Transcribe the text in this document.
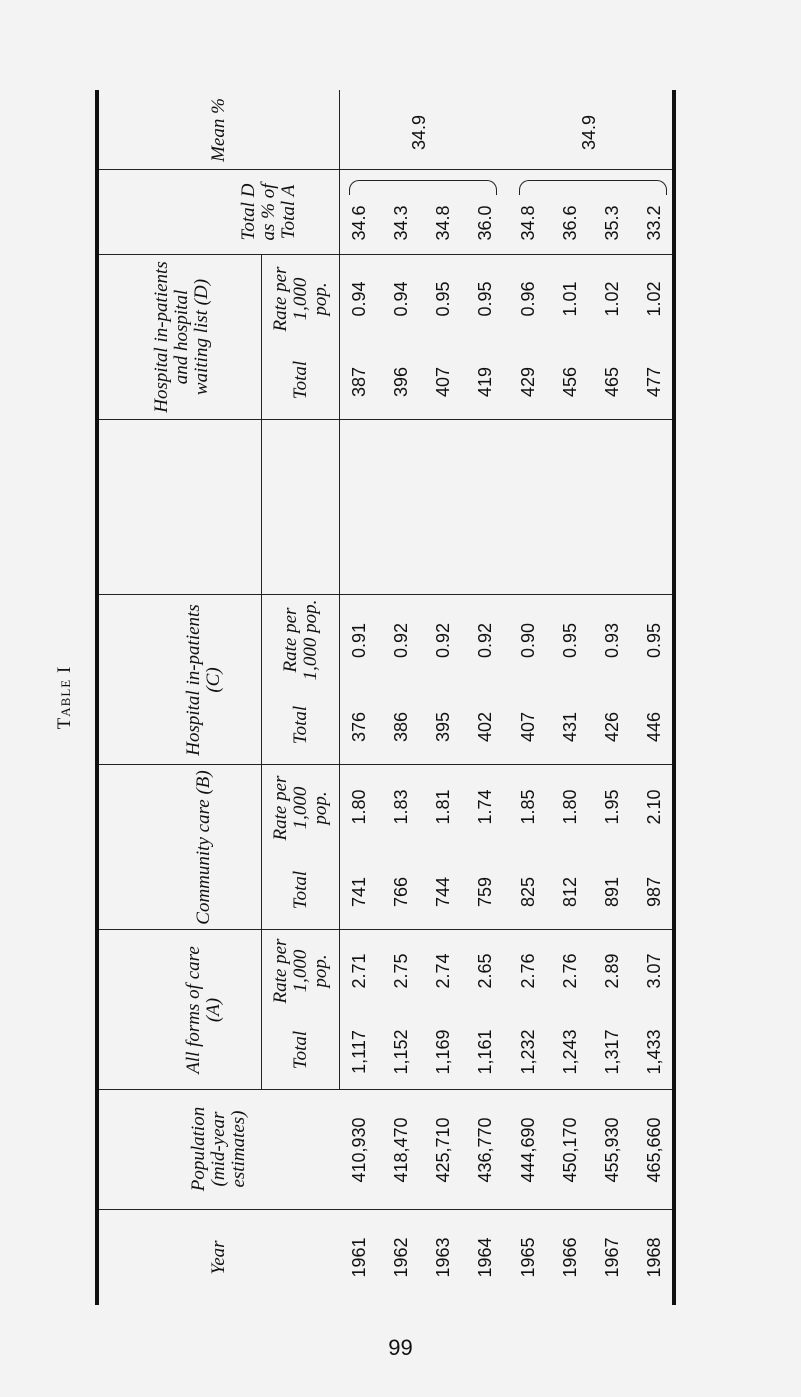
Table I
Year
Population (mid-year estimates)
All forms of care (A)
Community care (B)
Hospital in-patients (C)
Hospital in-patients and hospital waiting list (D)
Total
Rate per 1,000 pop.
Total
Rate per 1,000 pop.
Total
Rate per 1,000 pop.
Total
Rate per 1,000 pop.
Total D as % of Total A
Mean %
1961 1962 1963 1964 1965 1966 1967 1968
410,930 418,470 425,710 436,770 444,690 450,170 455,930 465,660
1,117 1,152 1,169 1,161 1,232 1,243 1,317 1,433
2.71 2.75 2.74 2.65 2.76 2.76 2.89 3.07
741 766 744 759 825 812 891 987
1.80 1.83 1.81 1.74 1.85 1.80 1.95 2.10
376 386 395 402 407 431 426 446
0.91 0.92 0.92 0.92 0.90 0.95 0.93 0.95
387 396 407 419 429 456 465 477
0.94 0.94 0.95 0.95 0.96 1.01 1.02 1.02
34.6 34.3 34.8 36.0 34.8 36.6 35.3 33.2
34.9	34.9
99
